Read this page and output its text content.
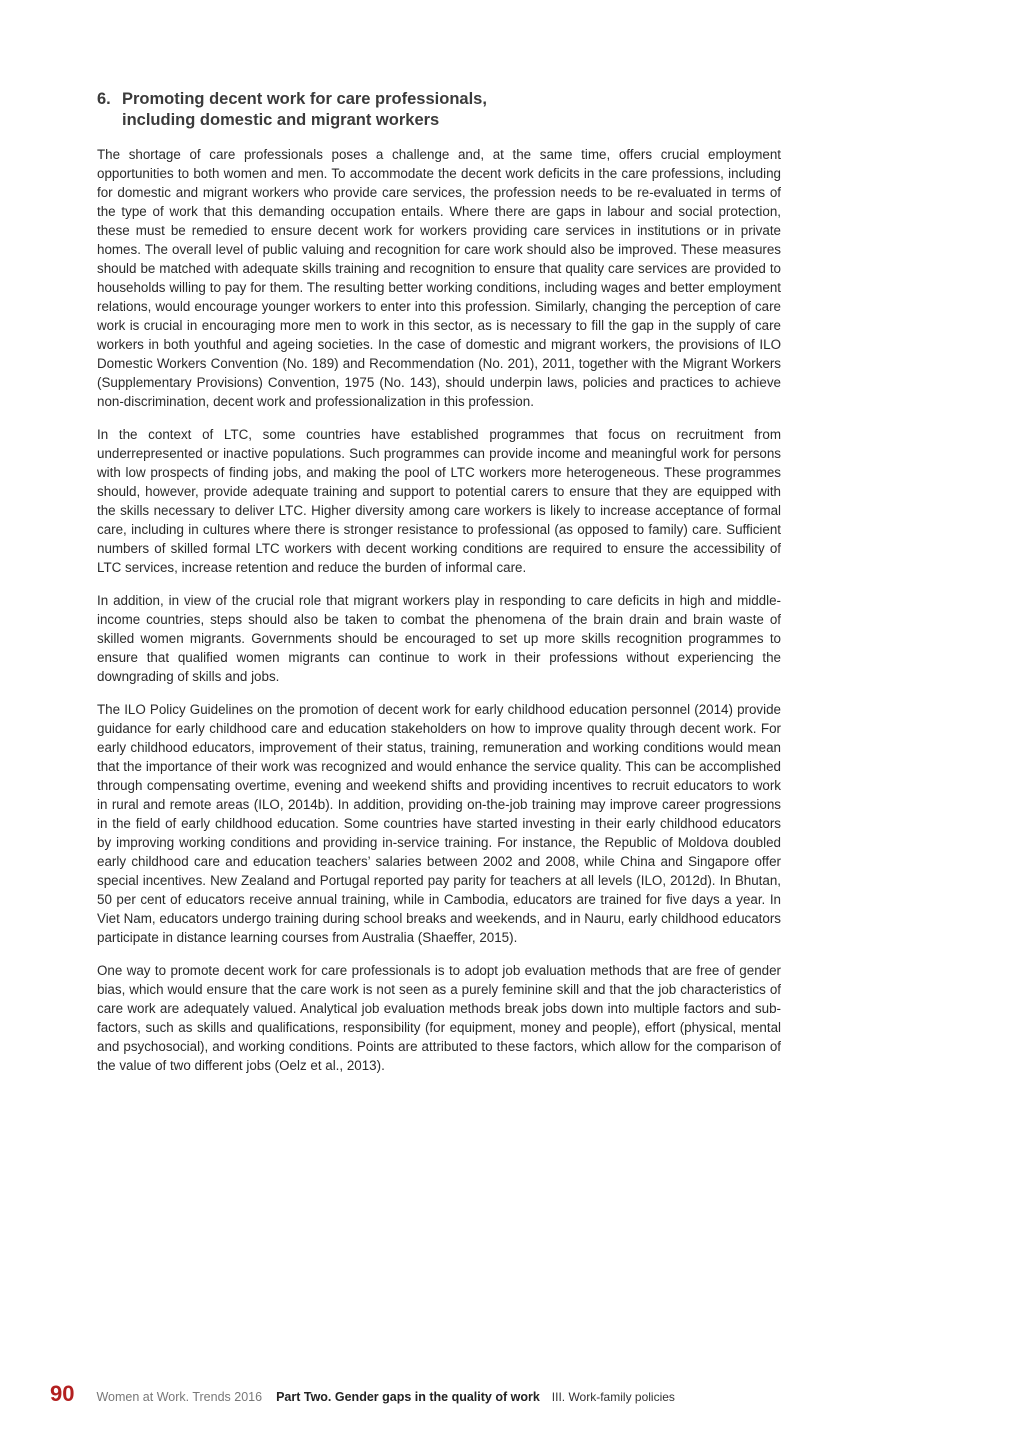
6. Promoting decent work for care professionals,
including domestic and migrant workers

The shortage of care professionals poses a challenge and, at the same time, offers crucial employment opportunities to both women and men. To accommodate the decent work deficits in the care professions, including for domestic and migrant workers who provide care services, the profession needs to be re-evaluated in terms of the type of work that this demanding occupation entails. Where there are gaps in labour and social protection, these must be remedied to ensure decent work for workers providing care services in institutions or in private homes. The overall level of public valuing and recognition for care work should also be improved. These measures should be matched with adequate skills training and recognition to ensure that quality care services are provided to households willing to pay for them. The resulting better working conditions, including wages and better employment relations, would encourage younger workers to enter into this profession. Similarly, changing the perception of care work is crucial in encouraging more men to work in this sector, as is necessary to fill the gap in the supply of care workers in both youthful and ageing societies. In the case of domestic and migrant workers, the provisions of ILO Domestic Workers Convention (No. 189) and Recommendation (No. 201), 2011, together with the Migrant Workers (Supplementary Provisions) Convention, 1975 (No. 143), should underpin laws, policies and practices to achieve non-discrimination, decent work and professionalization in this profession.

In the context of LTC, some countries have established programmes that focus on recruitment from underrepresented or inactive populations. Such programmes can provide income and meaningful work for persons with low prospects of finding jobs, and making the pool of LTC workers more heterogeneous. These programmes should, however, provide adequate training and support to potential carers to ensure that they are equipped with the skills necessary to deliver LTC. Higher diversity among care workers is likely to increase acceptance of formal care, including in cultures where there is stronger resistance to professional (as opposed to family) care. Sufficient numbers of skilled formal LTC workers with decent working conditions are required to ensure the accessibility of LTC services, increase retention and reduce the burden of informal care.

In addition, in view of the crucial role that migrant workers play in responding to care deficits in high and middle-income countries, steps should also be taken to combat the phenomena of the brain drain and brain waste of skilled women migrants. Governments should be encouraged to set up more skills recognition programmes to ensure that qualified women migrants can continue to work in their professions without experiencing the downgrading of skills and jobs.

The ILO Policy Guidelines on the promotion of decent work for early childhood education personnel (2014) provide guidance for early childhood care and education stakeholders on how to improve quality through decent work. For early childhood educators, improvement of their status, training, remuneration and working conditions would mean that the importance of their work was recognized and would enhance the service quality. This can be accomplished through compensating overtime, evening and weekend shifts and providing incentives to recruit educators to work in rural and remote areas (ILO, 2014b). In addition, providing on-the-job training may improve career progressions in the field of early childhood education. Some countries have started investing in their early childhood educators by improving working conditions and providing in-service training. For instance, the Republic of Moldova doubled early childhood care and education teachers’ salaries between 2002 and 2008, while China and Singapore offer special incentives. New Zealand and Portugal reported pay parity for teachers at all levels (ILO, 2012d). In Bhutan, 50 per cent of educators receive annual training, while in Cambodia, educators are trained for five days a year. In Viet Nam, educators undergo training during school breaks and weekends, and in Nauru, early childhood educators participate in distance learning courses from Australia (Shaeffer, 2015).

One way to promote decent work for care professionals is to adopt job evaluation methods that are free of gender bias, which would ensure that the care work is not seen as a purely feminine skill and that the job characteristics of care work are adequately valued. Analytical job evaluation methods break jobs down into multiple factors and sub-factors, such as skills and qualifications, responsibility (for equipment, money and people), effort (physical, mental and psychosocial), and working conditions. Points are attributed to these factors, which allow for the comparison of the value of two different jobs (Oelz et al., 2013).

90 Women at Work. Trends 2016 Part Two. Gender gaps in the quality of work III. Work-family policies
